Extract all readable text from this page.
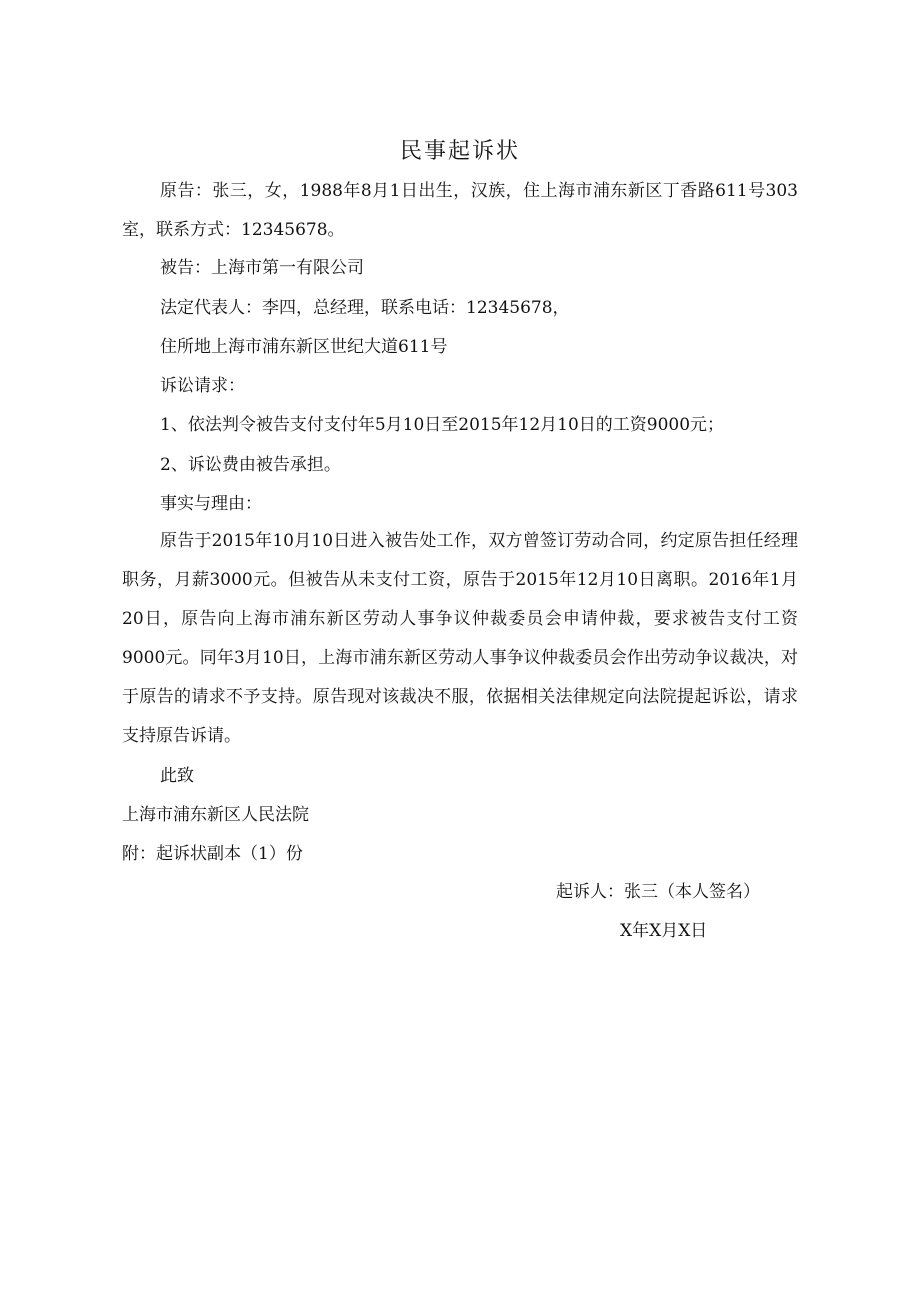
民事起诉状

原告：张三，女，1988年8月1日出生，汉族，住上海市浦东新区丁香路611号303室，联系方式：12345678。

被告：上海市第一有限公司
法定代表人：李四，总经理，联系电话：12345678，
住所地上海市浦东新区世纪大道611号
诉讼请求：
1、依法判令被告支付支付年5月10日至2015年12月10日的工资9000元；
2、诉讼费由被告承担。
事实与理由：

原告于2015年10月10日进入被告处工作，双方曾签订劳动合同，约定原告担任经理职务，月薪3000元。但被告从未支付工资，原告于2015年12月10日离职。2016年1月20日，原告向上海市浦东新区劳动人事争议仲裁委员会申请仲裁，要求被告支付工资9000元。同年3月10日，上海市浦东新区劳动人事争议仲裁委员会作出劳动争议裁决，对于原告的请求不予支持。原告现对该裁决不服，依据相关法律规定向法院提起诉讼，请求支持原告诉请。

此致
上海市浦东新区人民法院
附：起诉状副本（1）份
起诉人：张三（本人签名）
X年X月X日
